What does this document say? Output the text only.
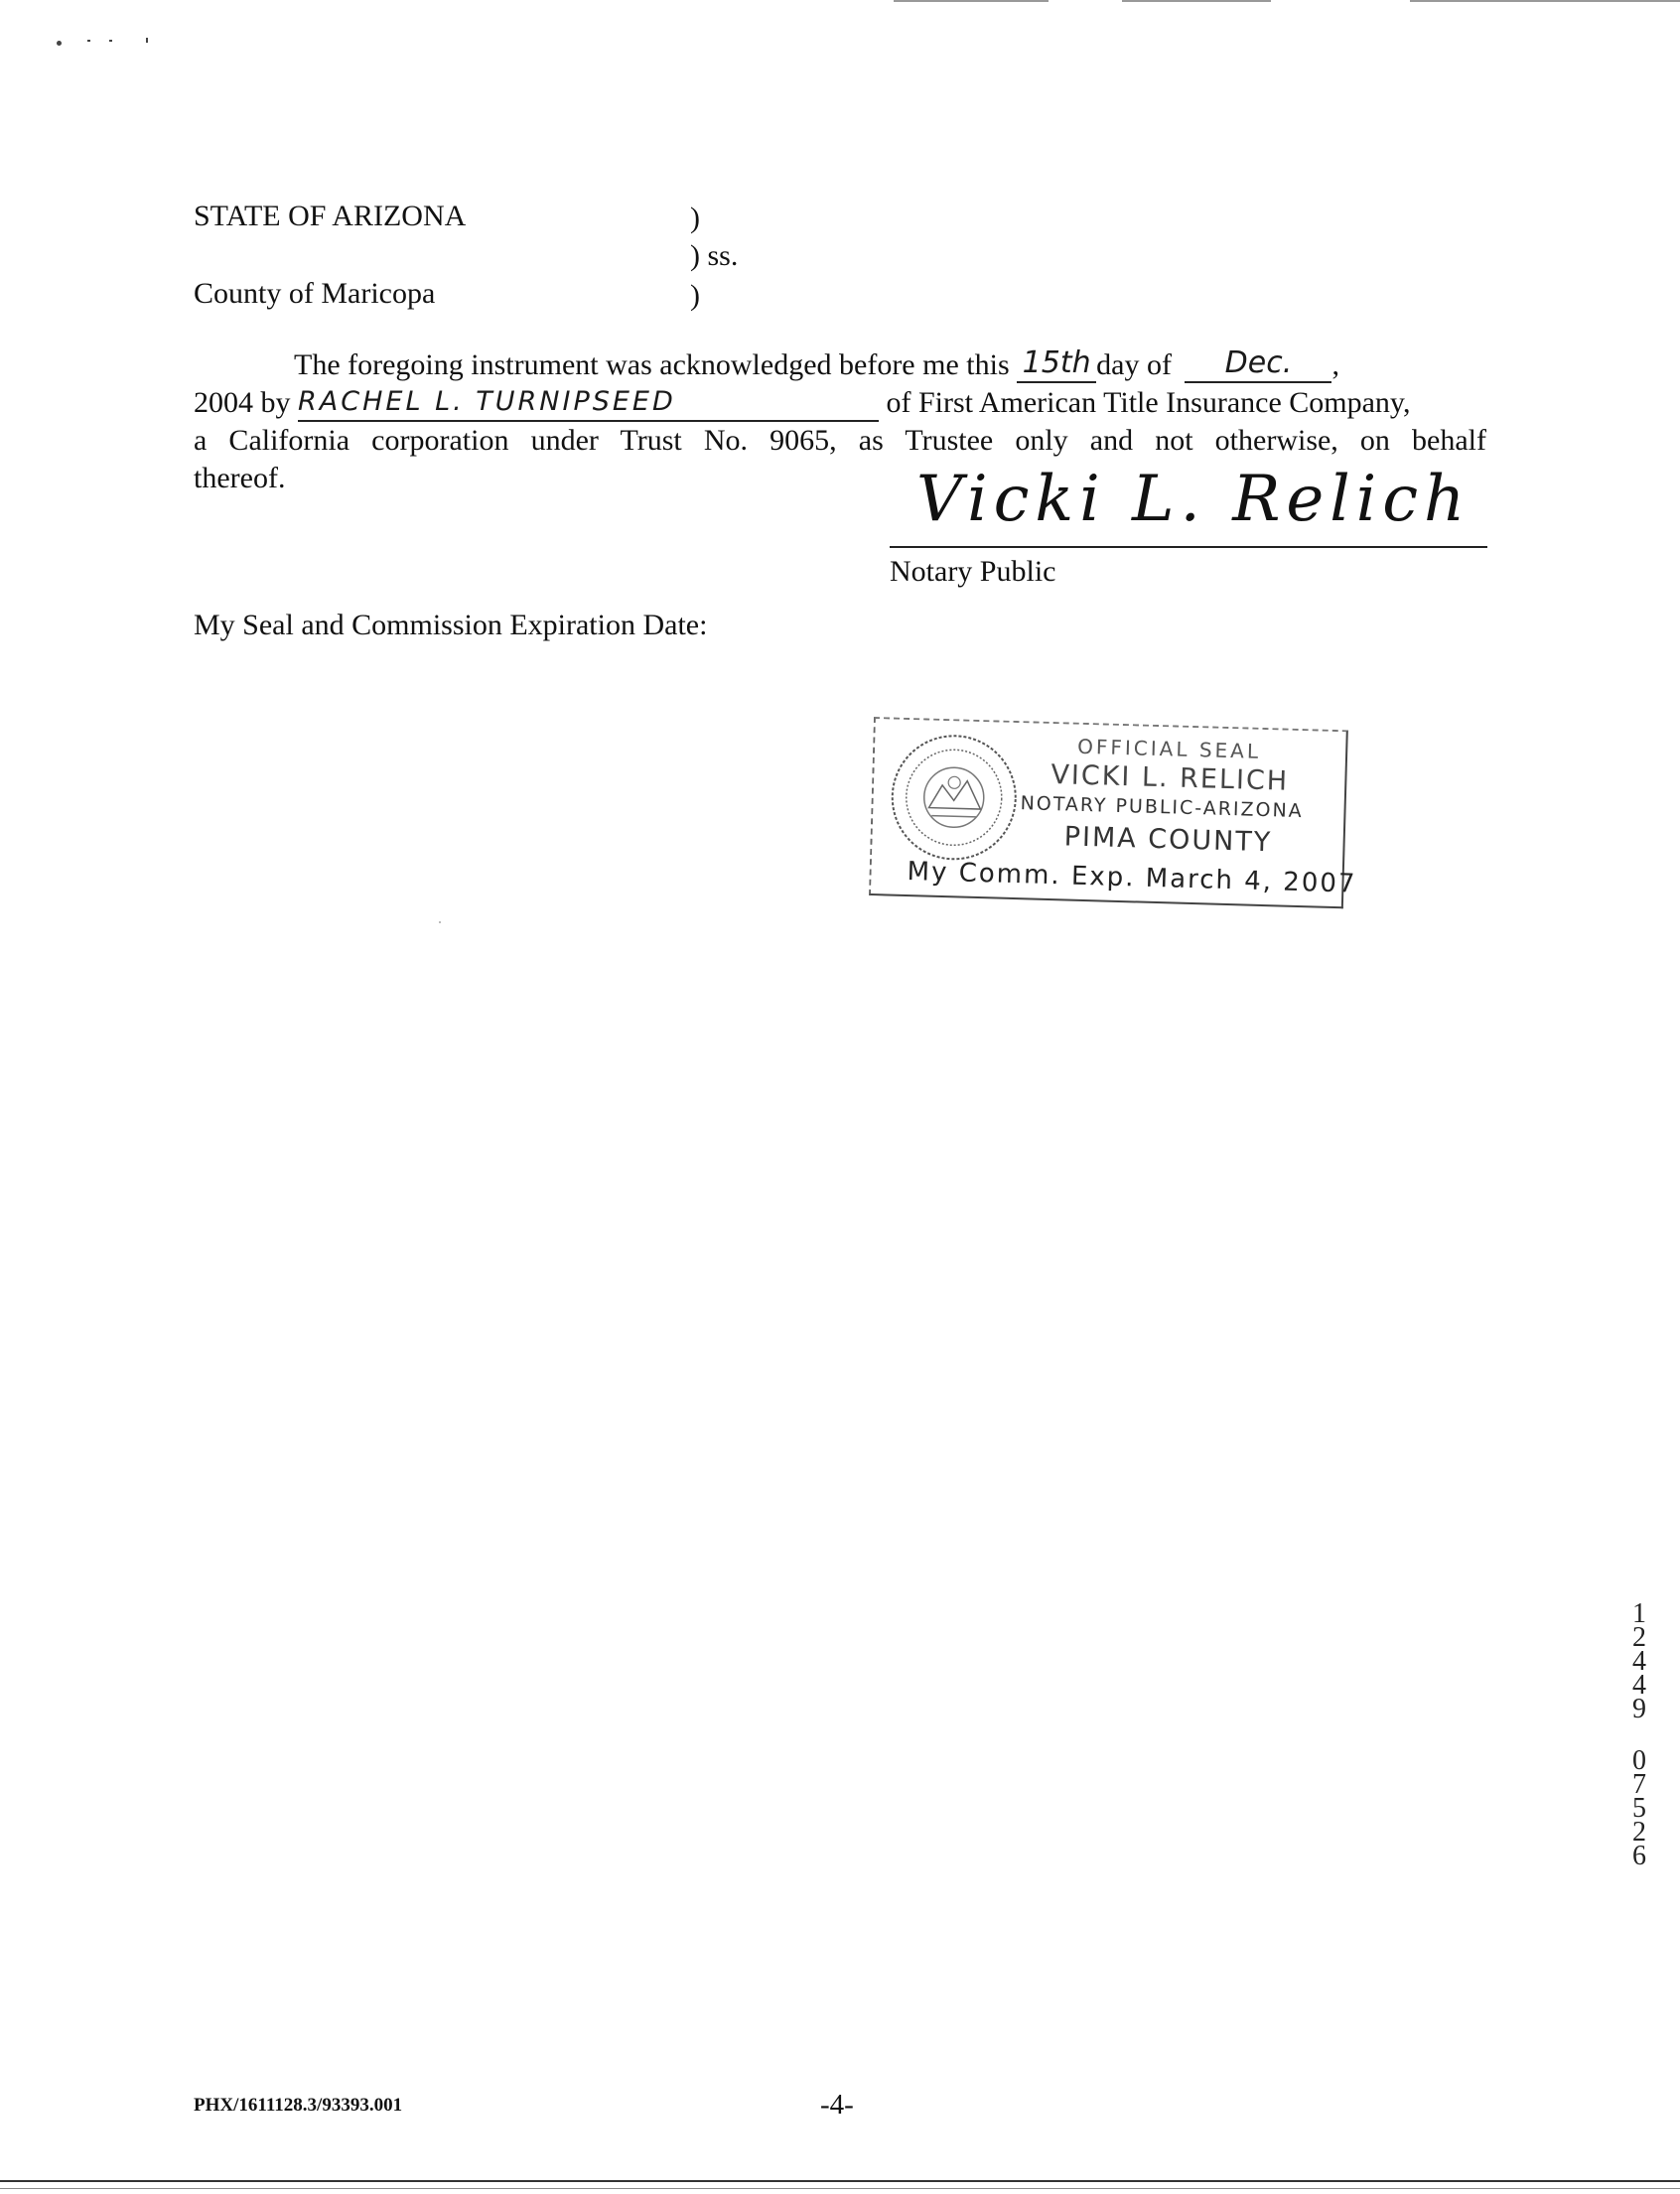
STATE OF ARIZONA	)
) ss.
County of Maricopa	)
The foregoing instrument was acknowledged before me this 15th day of Dec. ,
2004 by RACHEL L. TURNIPSEED	of First American Title Insurance Company,
a California corporation under Trust No. 9065, as Trustee only and not otherwise, on behalf
thereof.	Vicki L. Relich
Notary Public
My Seal and Commission Expiration Date:
OFFICIAL SEAL
VICKI L. RELICH
NOTARY PUBLIC-ARIZONA
PIMA COUNTY
My Comm. Exp. March 4, 2007
1
2
4
4
9
0
7
5
2
6
PHX/1611128.3/93393.001	-4-
